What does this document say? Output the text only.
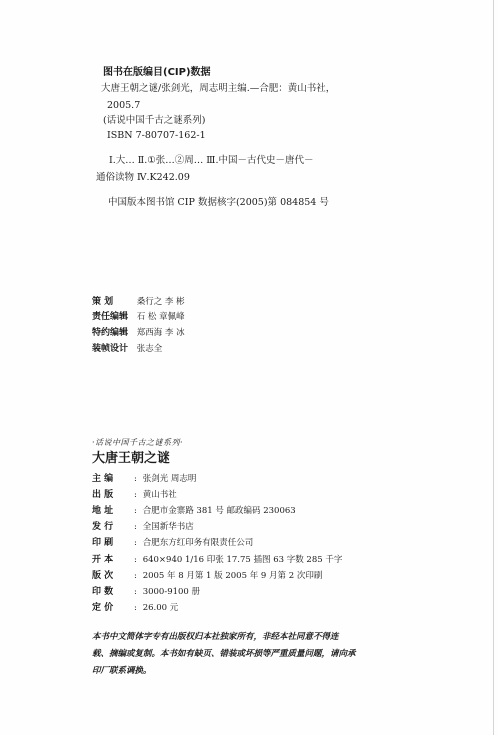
图书在版编目(CIP)数据
大唐王朝之谜/张剑光，周志明主编.—合肥：黄山书社，
2005.7
(话说中国千古之谜系列)
ISBN 7-80707-162-1
Ⅰ.大… Ⅱ.①张…②周… Ⅲ.中国－古代史－唐代－
通俗读物 Ⅳ.K242.09
中国版本图书馆 CIP 数据核字(2005)第 084854 号
策 划	桑行之 李 彬
责任编辑 石 松 章佩峰
特约编辑 郑西海 李 冰
装帧设计 张志全
·话说中国千古之谜系列·
大唐王朝之谜
主 编 : 张剑光 周志明
出 版 : 黄山书社
地 址 : 合肥市金寨路 381 号 邮政编码 230063
发 行 : 全国新华书店
印 刷 : 合肥东方红印务有限责任公司
开 本 : 640×940 1/16 印张 17.75 插图 63 字数 285 千字
版 次 : 2005 年 8 月第 1 版 2005 年 9 月第 2 次印刷
印 数 : 3000-9100 册
定 价 : 26.00 元
本书中文简体字专有出版权归本社独家所有，非经本社同意不得连
载、摘编或复制。本书如有缺页、错装或坏损等严重质量问题，请向承
印厂联系调换。
